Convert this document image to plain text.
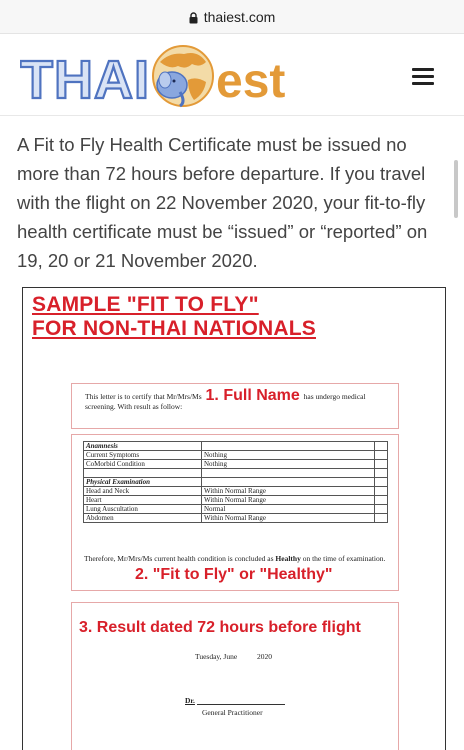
thaiest.com
THAI est

A Fit to Fly Health Certificate must be issued no more than 72 hours before departure. If you travel with the flight on 22 November 2020, your fit-to-fly health certificate must be “issued” or “reported” on 19, 20 or 21 November 2020.

SAMPLE "FIT TO FLY"
FOR NON-THAI NATIONALS
This letter is to certify that Mr/Mrs/Ms 1. Full Name has undergo medical screening. With result as follow:
Anamnesis		
Current Symptoms	Nothing	
CoMorbid Condition	Nothing	

Physical Examination		
Head and Neck	Within Normal Range	
Heart	Within Normal Range	
Lung Auscultation	Normal	
Abdomen	Within Normal Range	
Therefore, Mr/Mrs/Ms current health condition is concluded as Healthy on the time of examination.
2. "Fit to Fly" or "Healthy"
3. Result dated 72 hours before flight
Tuesday, June	2020
Dr.
General Practitioner
